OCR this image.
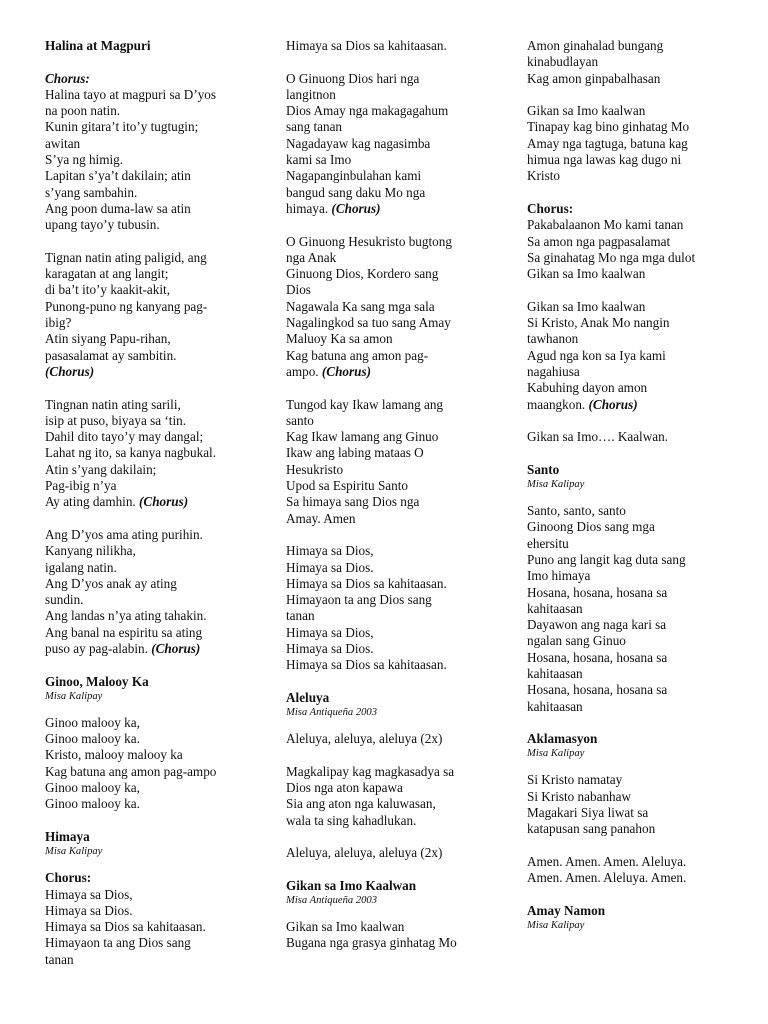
Halina at Magpuri
Chorus:
Halina tayo at magpuri sa D’yos
na poon natin.
Kunin gitara’t ito’y tugtugin;
awitan
S’ya ng himig.
Lapitan s’ya’t dakilain; atin
s’yang sambahin.
Ang poon duma-law sa atin
upang tayo’y tubusin.
Tignan natin ating paligid, ang
karagatan at ang langit;
di ba’t ito’y kaakit-akit,
Punong-puno ng kanyang pag-
ibig?
Atin siyang Papu-rihan,
pasasalamat ay sambitin.
(Chorus)
Tingnan natin ating sarili,
isip at puso, biyaya sa ‘tin.
Dahil dito tayo’y may dangal;
Lahat ng ito, sa kanya nagbukal.
Atin s’yang dakilain;
Pag-ibig n’ya
Ay ating damhin. (Chorus)
Ang D’yos ama ating purihin.
Kanyang nilikha,
igalang natin.
Ang D’yos anak ay ating
sundin.
Ang landas n’ya ating tahakin.
Ang banal na espiritu sa ating
puso ay pag-alabin. (Chorus)
Ginoo, Malooy Ka
Misa Kalipay
Ginoo malooy ka,
Ginoo malooy ka.
Kristo, malooy malooy ka
Kag batuna ang amon pag-ampo
Ginoo malooy ka,
Ginoo malooy ka.
Himaya
Misa Kalipay
Chorus:
Himaya sa Dios,
Himaya sa Dios.
Himaya sa Dios sa kahitaasan.
Himayaon ta ang Dios sang
tanan
Himaya sa Dios sa kahitaasan.
O Ginuong Dios hari nga
langitnon
Dios Amay nga makagagahum
sang tanan
Nagadayaw kag nagasimba
kami sa Imo
Nagapanginbulahan kami
bangud sang daku Mo nga
himaya. (Chorus)
O Ginuong Hesukristo bugtong
nga Anak
Ginuong Dios, Kordero sang
Dios
Nagawala Ka sang mga sala
Nagalingkod sa tuo sang Amay
Maluoy Ka sa amon
Kag batuna ang amon pag-
ampo. (Chorus)
Tungod kay Ikaw lamang ang
santo
Kag Ikaw lamang ang Ginuo
Ikaw ang labing mataas O
Hesukristo
Upod sa Espiritu Santo
Sa himaya sang Dios nga
Amay. Amen
Himaya sa Dios,
Himaya sa Dios.
Himaya sa Dios sa kahitaasan.
Himayaon ta ang Dios sang
tanan
Himaya sa Dios,
Himaya sa Dios.
Himaya sa Dios sa kahitaasan.
Aleluya
Misa Antiqueña 2003
Aleluya, aleluya, aleluya (2x)
Magkalipay kag magkasadya sa
Dios nga aton kapawa
Sia ang aton nga kaluwasan,
wala ta sing kahadlukan.
Aleluya, aleluya, aleluya (2x)
Gikan sa Imo Kaalwan
Misa Antiqueña 2003
Gikan sa Imo kaalwan
Bugana nga grasya ginhatag Mo
Amon ginahalad bungang
kinabudlayan
Kag amon ginpabalhasan
Gikan sa Imo kaalwan
Tinapay kag bino ginhatag Mo
Amay nga tagtuga, batuna kag
himua nga lawas kag dugo ni
Kristo
Chorus:
Pakabalaanon Mo kami tanan
Sa amon nga pagpasalamat
Sa ginahatag Mo nga mga dulot
Gikan sa Imo kaalwan
Gikan sa Imo kaalwan
Si Kristo, Anak Mo nangin
tawhanon
Agud nga kon sa Iya kami
nagahiusa
Kabuhing dayon amon
maangkon. (Chorus)
Gikan sa Imo…. Kaalwan.
Santo
Misa Kalipay
Santo, santo, santo
Ginoong Dios sang mga
ehersitu
Puno ang langit kag duta sang
Imo himaya
Hosana, hosana, hosana sa
kahitaasan
Dayawon ang naga kari sa
ngalan sang Ginuo
Hosana, hosana, hosana sa
kahitaasan
Hosana, hosana, hosana sa
kahitaasan
Aklamasyon
Misa Kalipay
Si Kristo namatay
Si Kristo nabanhaw
Magakari Siya liwat sa
katapusan sang panahon
Amen. Amen. Amen. Aleluya.
Amen. Amen. Aleluya. Amen.
Amay Namon
Misa Kalipay
